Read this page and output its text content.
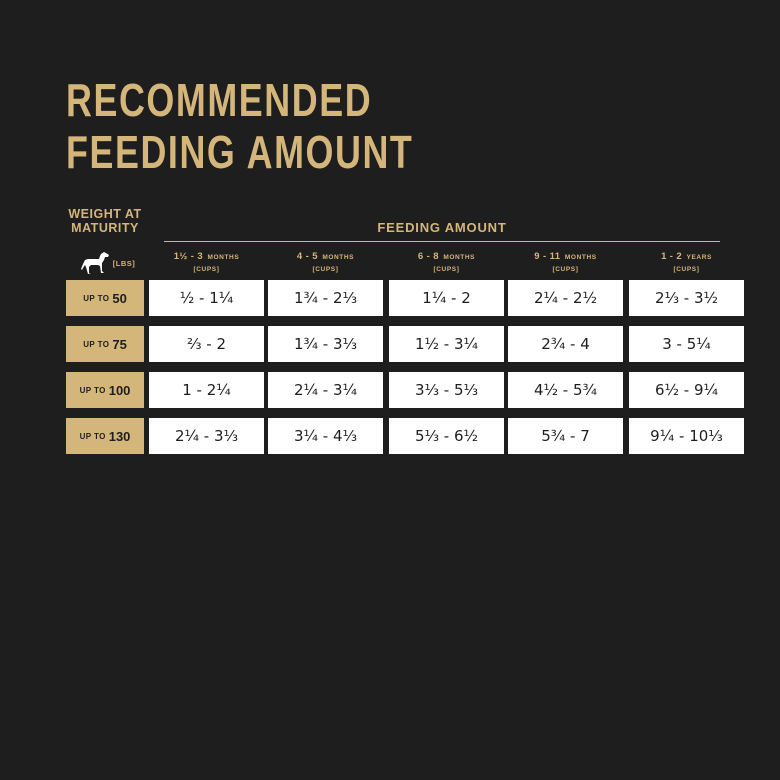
RECOMMENDED
FEEDING AMOUNT
WEIGHT AT
MATURITY	FEEDING AMOUNT
[LBS]
1½ - 3 MONTHS
[CUPS]
4 - 5 MONTHS
[CUPS]
6 - 8 MONTHS
[CUPS]
9 - 11 MONTHS
[CUPS]
1 - 2 YEARS
[CUPS]
UP TO 50	½ - 1¼	1¾ - 2⅓	1¼ - 2	2¼ - 2½	2⅓ - 3½
UP TO 75	⅔ - 2	1¾ - 3⅓	1½ - 3¼	2¾ - 4	3 - 5¼
UP TO 100	1 - 2¼	2¼ - 3¼	3⅓ - 5⅓	4½ - 5¾	6½ - 9¼
UP TO 130	2¼ - 3⅓	3¼ - 4⅓	5⅓ - 6½	5¾ - 7	9¼ - 10⅓
